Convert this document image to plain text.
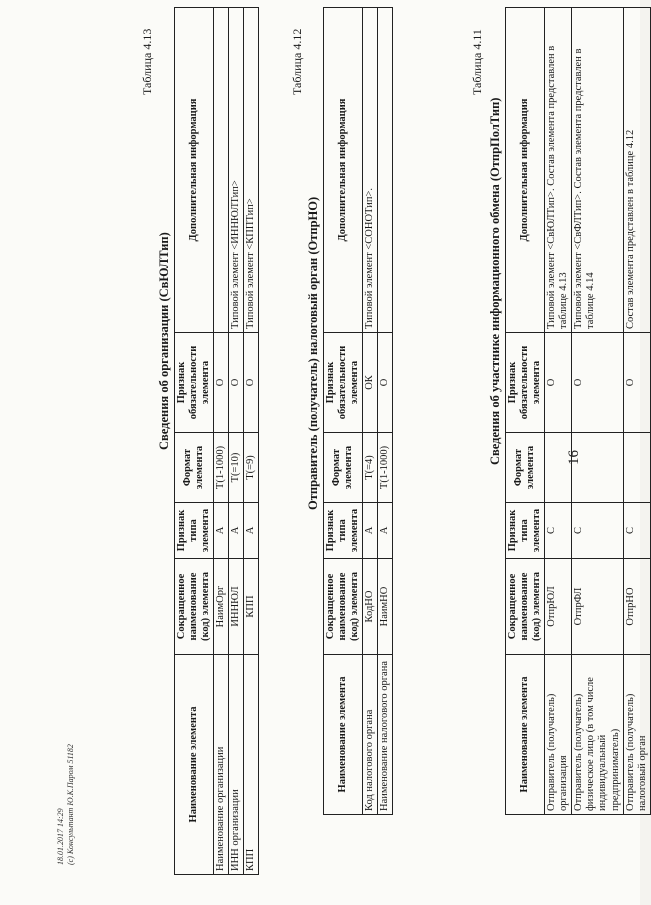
16
Таблица 4.11
Сведения об участнике информационного обмена (ОтпрПолТип)
Наименование элемента	Сокращенное наименование (код) элемента	Признак типа элемента	Формат элемента	Признак обязательности элемента	Дополнительная информация
Отправитель (получатель) организация	ОтпрЮЛ	С		О	Типовой элемент <СвЮЛТип>. Состав элемента представлен в таблице 4.13
Отправитель (получатель) физическое лицо (в том числе индивидуальный предприниматель)	ОтпрФЛ	С		О	Типовой элемент <СвФЛТип>. Состав элемента представлен в таблице 4.14
Отправитель (получатель) налоговый орган	ОтпрНО	С		О	Состав элемента представлен в таблице 4.12
Таблица 4.12
Отправитель (получатель) налоговый орган (ОтпрНО)
Наименование элемента	Сокращенное наименование (код) элемента	Признак типа элемента	Формат элемента	Признак обязательности элемента	Дополнительная информация
Код налогового органа	КодНО	А	T(=4)	ОК	Типовой элемент <СОНОТип>.
Наименование налогового органа	НаимНО	А	T(1-1000)	О	
Таблица 4.13
Сведения об организации (СвЮЛТип)
Наименование элемента	Сокращенное наименование (код) элемента	Признак типа элемента	Формат элемента	Признак обязательности элемента	Дополнительная информация
Наименование организации	НаимОрг	А	T(1-1000)	О	
ИНН организации	ИННЮЛ	А	T(=10)	О	Типовой элемент <ИННЮЛТип>
КПП	КПП	А	T(=9)	О	Типовой элемент <КППТип>
18.01.2017 14:29 (c) Консультант Ю.К.Паром 51182
